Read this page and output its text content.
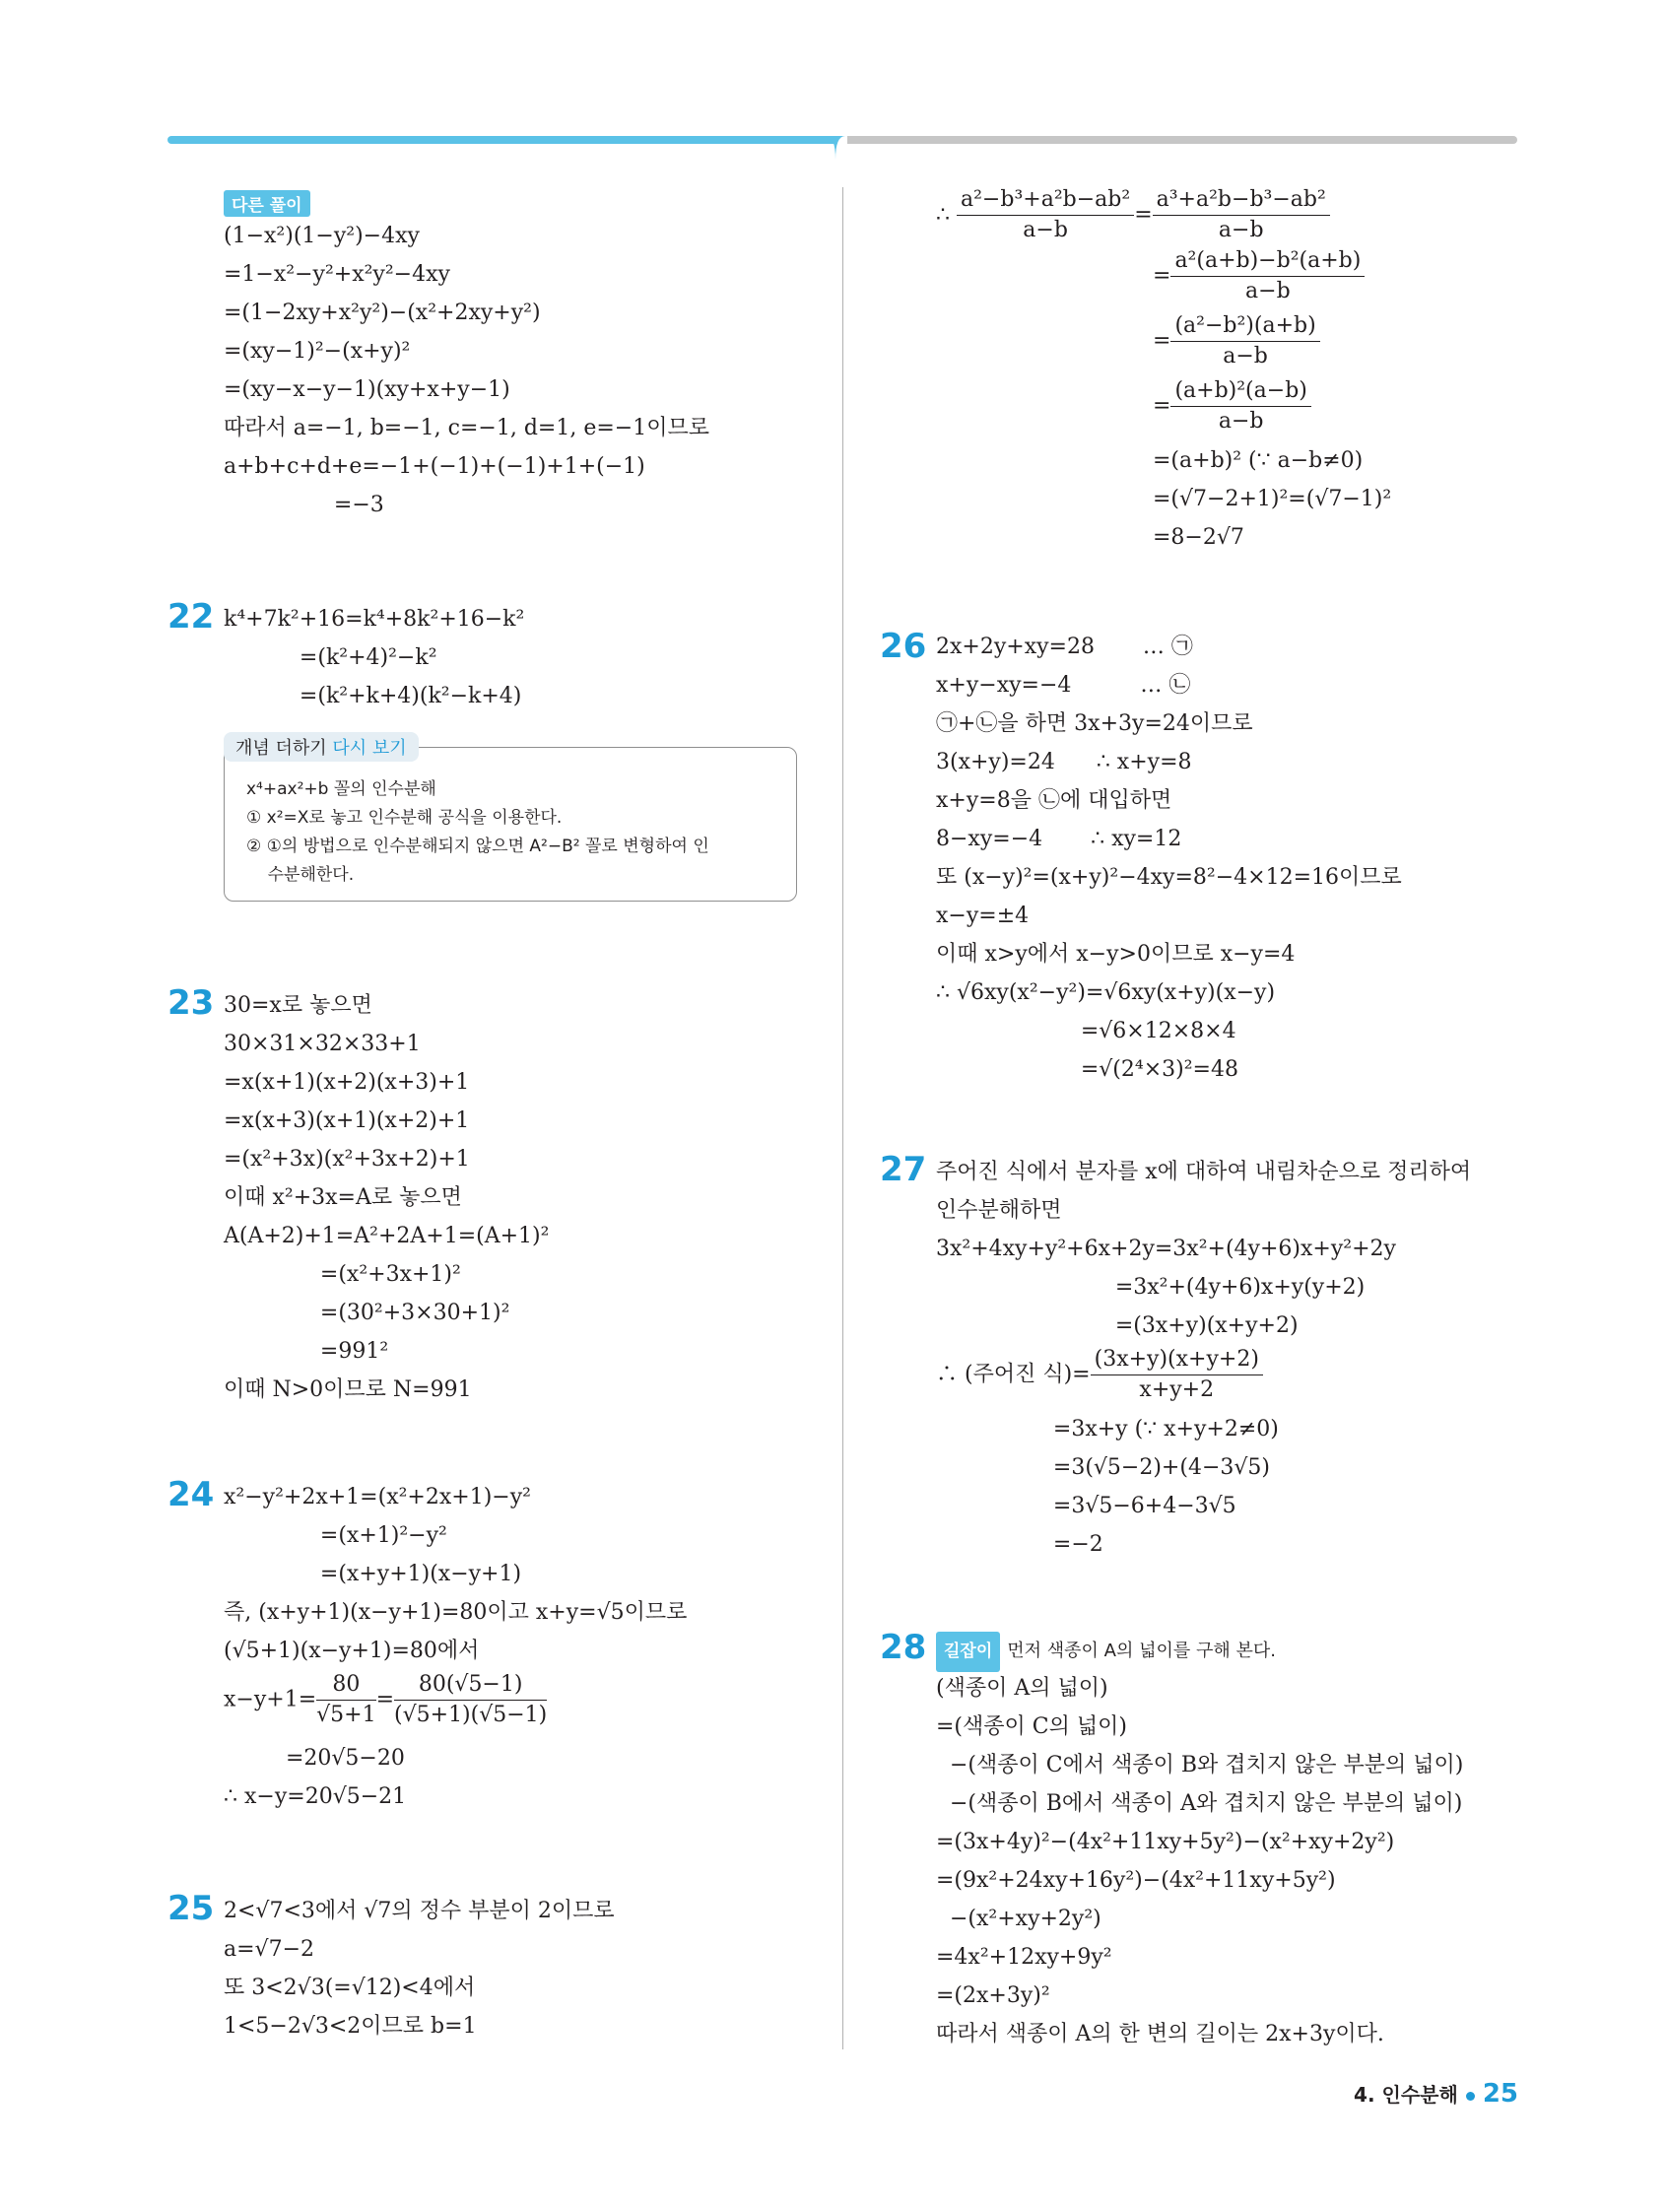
다른 풀이
(1−x²)(1−y²)−4xy
=1−x²−y²+x²y²−4xy
=(1−2xy+x²y²)−(x²+2xy+y²)
=(xy−1)²−(x+y)²
=(xy−x−y−1)(xy+x+y−1)
따라서 a=−1, b=−1, c=−1, d=1, e=−1이므로
a+b+c+d+e=−1+(−1)+(−1)+1+(−1)
=−3
22 k⁴+7k²+16=k⁴+8k²+16−k²
=(k²+4)²−k²
=(k²+k+4)(k²−k+4)
x⁴+ax²+b 꼴의 인수분해
① x²=X로 놓고 인수분해 공식을 이용한다.
② ①의 방법으로 인수분해되지 않으면 A²−B² 꼴로 변형하여 인
수분해한다.
개념 더하기 다시 보기
23 30=x로 놓으면
30×31×32×33+1
=x(x+1)(x+2)(x+3)+1
=x(x+3)(x+1)(x+2)+1
=(x²+3x)(x²+3x+2)+1
이때 x²+3x=A로 놓으면
A(A+2)+1=A²+2A+1=(A+1)²
=(x²+3x+1)²
=(30²+3×30+1)²
=991²
이때 N>0이므로 N=991
24 x²−y²+2x+1=(x²+2x+1)−y²
=(x+1)²−y²
=(x+y+1)(x−y+1)
즉, (x+y+1)(x−y+1)=80이고 x+y=√5이므로
(√5+1)(x−y+1)=80에서
$x-y+1= \frac{80}{√5+1} = \frac{80(√5-1)}{(√5+1)(√5-1)}$
=20√5−20
∴ x−y=20√5−21
25 2<√7<3에서 √7의 정수 부분이 2이므로
a=√7−2
또 3<2√3(=√12)<4에서
1<5−2√3<2이므로 b=1
∴ $\frac{\text{a²−b³+a²b−ab²}}{a-b} = \frac{\text{a³+a²b−b³−ab²}}{a-b}$
= $\frac{\text{a²(a+b)−b²(a+b)}}{a-b}$
= $\frac{\text{(a²−b²)(a+b)}}{a-b}$
= $\frac{\text{(a+b)²(a−b)}}{a-b}$
=(a+b)² (∵ a−b≠0)
=(√7−2+1)²=(√7−1)²
=8−2√7
26 2x+2y+xy=28       … ㉠
x+y−xy=−4          … ㉡
㉠+㉡을 하면 3x+3y=24이므로
3(x+y)=24      ∴ x+y=8
x+y=8을 ㉡에 대입하면
8−xy=−4       ∴ xy=12
또 (x−y)²=(x+y)²−4xy=8²−4×12=16이므로
x−y=±4
이때 x>y에서 x−y>0이므로 x−y=4
∴ √6xy(x²−y²)=√6xy(x+y)(x−y)
=√6×12×8×4
=√(2⁴×3)²=48
27 주어진 식에서 분자를 x에 대하여 내림차순으로 정리하여
인수분해하면
3x²+4xy+y²+6x+2y=3x²+(4y+6)x+y²+2y
=3x²+(4y+6)x+y(y+2)
=(3x+y)(x+y+2)
∴ (주어진 식)= $\frac{(3x+y)(x+y+2)}{x+y+2}$
=3x+y (∵ x+y+2≠0)
=3(√5−2)+(4−3√5)
=3√5−6+4−3√5
=−2
28	길잡이 먼저 색종이 A의 넓이를 구해 본다.
(색종이 A의 넓이)
=(색종이 C의 넓이)
−(색종이 C에서 색종이 B와 겹치지 않은 부분의 넓이)
−(색종이 B에서 색종이 A와 겹치지 않은 부분의 넓이)
=(3x+4y)²−(4x²+11xy+5y²)−(x²+xy+2y²)
=(9x²+24xy+16y²)−(4x²+11xy+5y²)
−(x²+xy+2y²)
=4x²+12xy+9y²
=(2x+3y)²
따라서 색종이 A의 한 변의 길이는 2x+3y이다.
4. 인수분해 25
